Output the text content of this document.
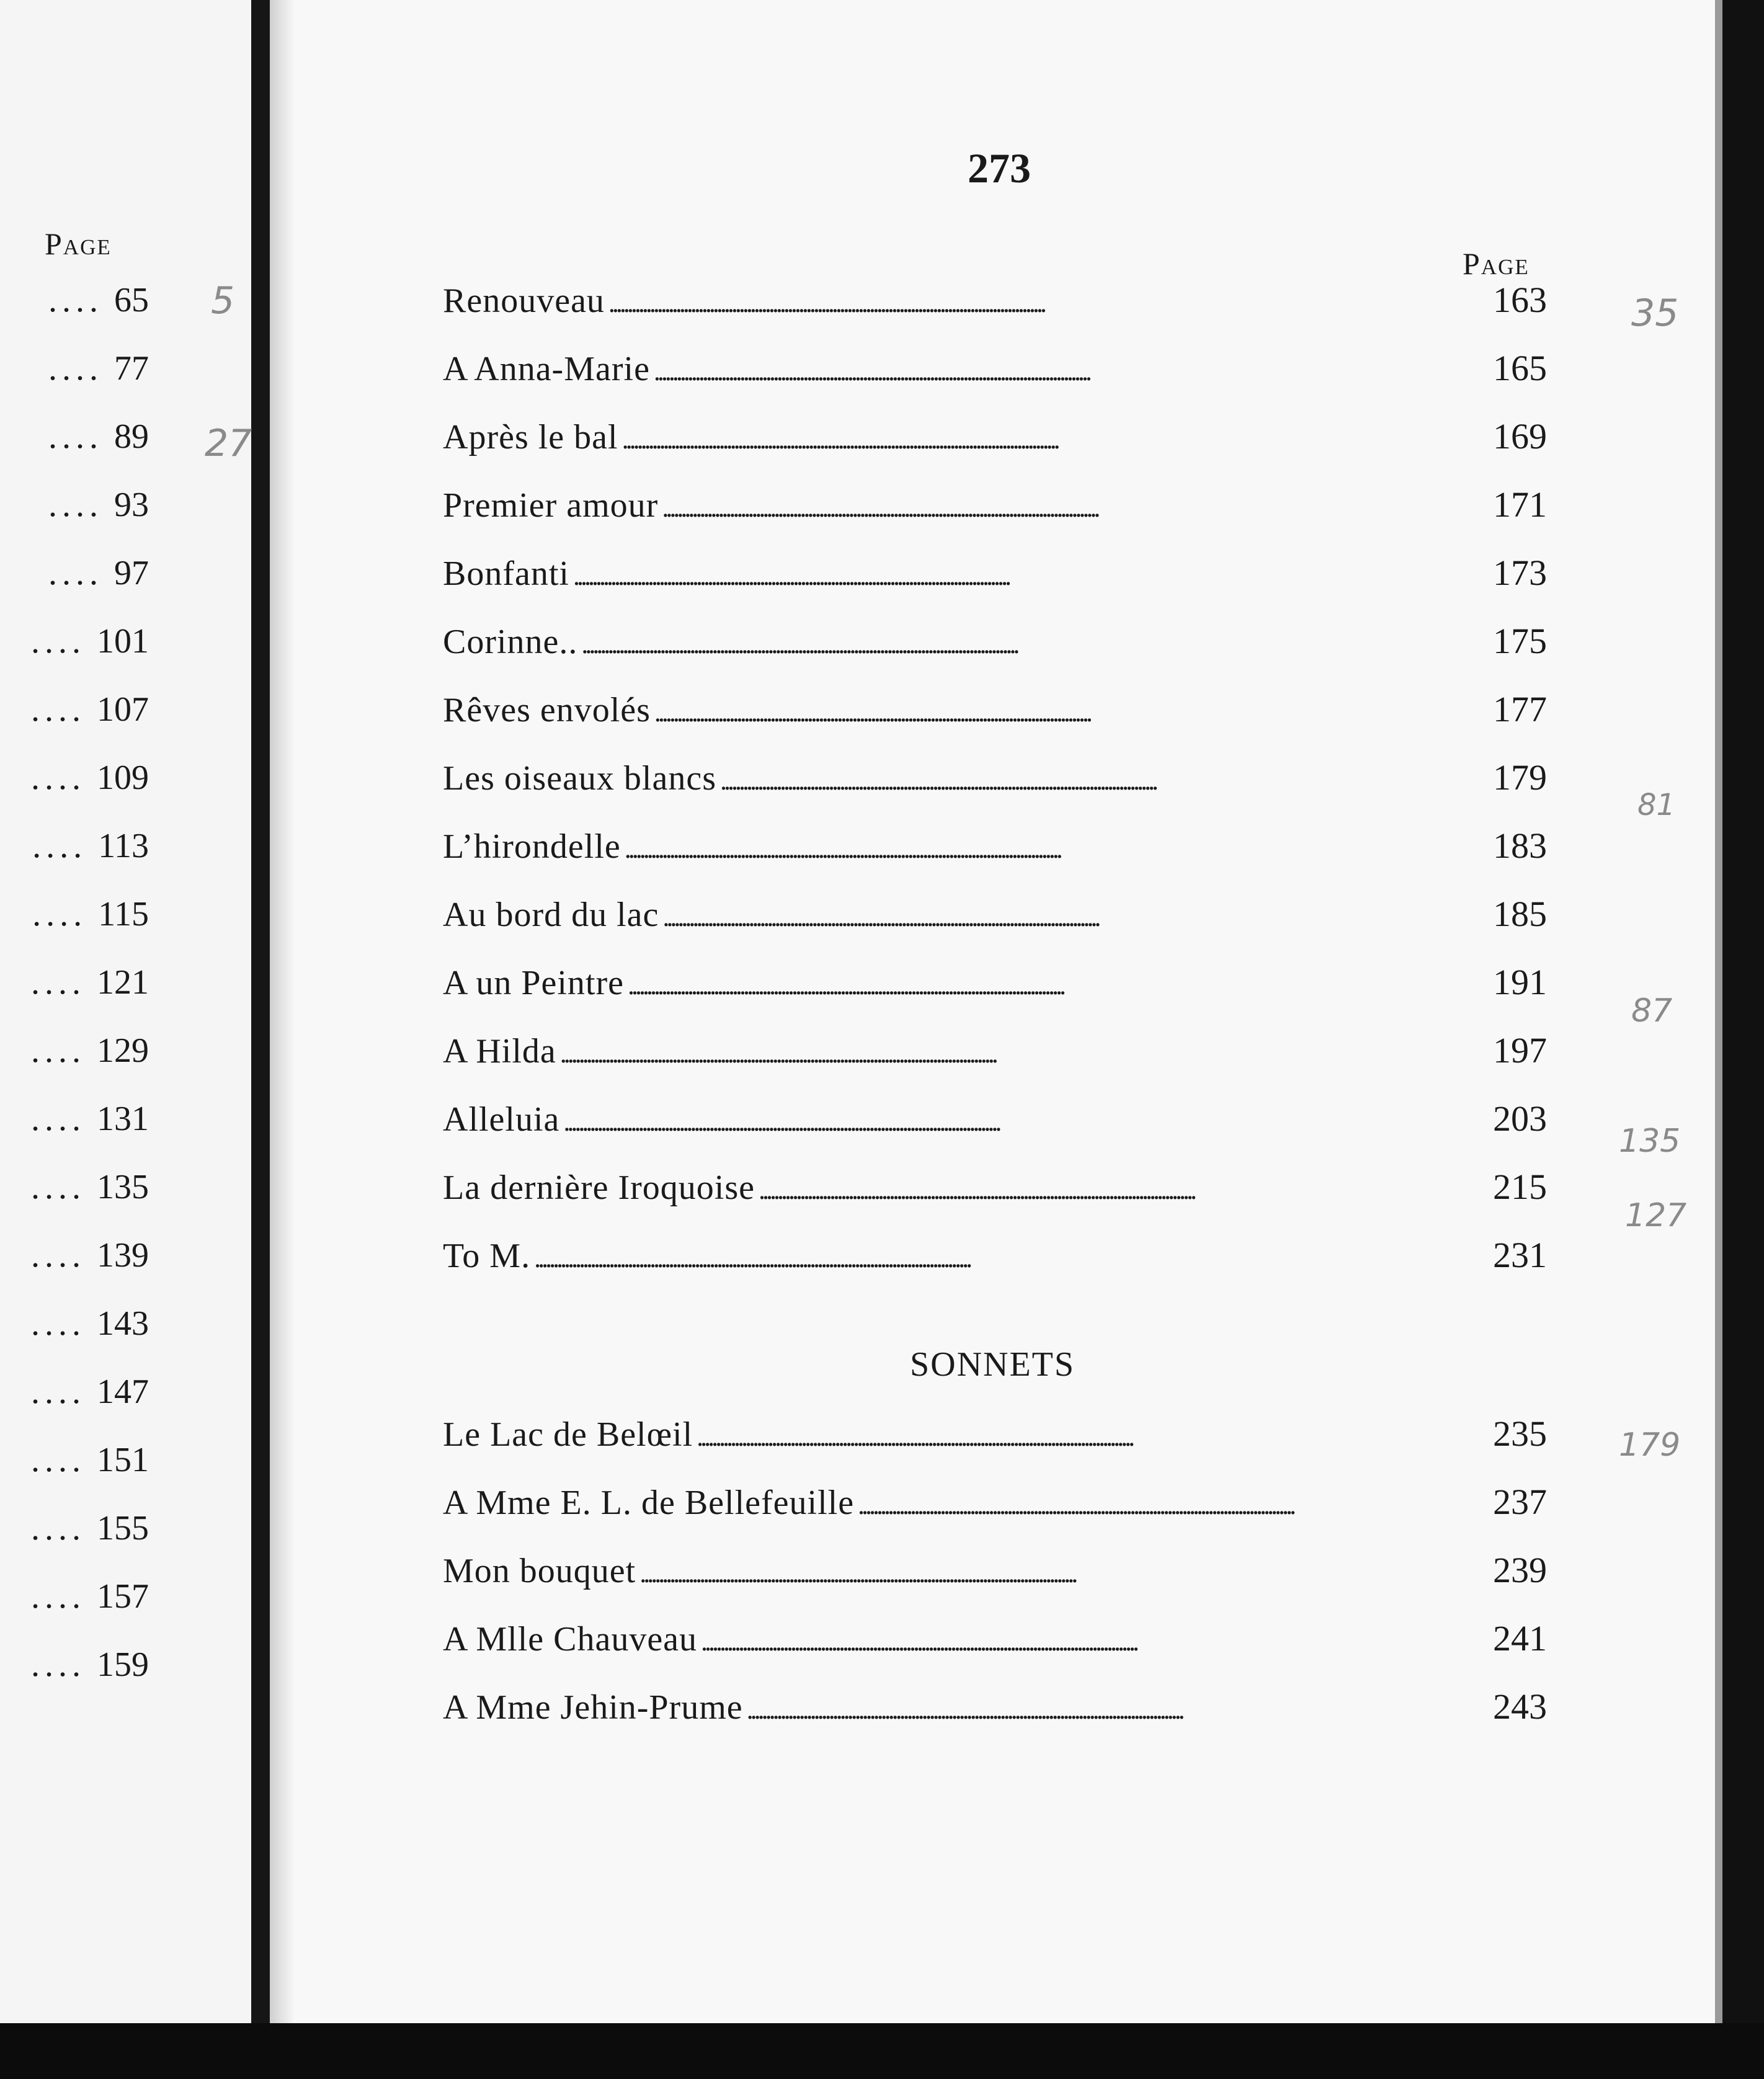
Page
.... 65
.... 77
.... 89
.... 93
.... 97
.... 101
.... 107
.... 109
.... 113
.... 115
.... 121
.... 129
.... 131
.... 135
.... 139
.... 143
.... 147
.... 151
.... 155
.... 157
.... 159
273
Page
Renouveau . . .	163
A Anna-Marie . . .	165
Après le bal . . .	169
Premier amour . . .	171
Bonfanti . . .	173
Corinne.. . . .	175
Rêves envolés . . .	177
Les oiseaux blancs . . .	179
L’hirondelle . . .	183
Au bord du lac . . .	185
A un Peintre . . .	191
A Hilda . . .	197
Alleluia . . .	203
La dernière Iroquoise . . .	215
To M. . . .	231
SONNETS
Le Lac de Belœil . . .	235
A Mme E. L. de Bellefeuille . . .	237
Mon bouquet . . .	239
A Mlle Chauveau . . .	241
A Mme Jehin-Prume . . .	243
5
27
35
81
87
135
127
179
